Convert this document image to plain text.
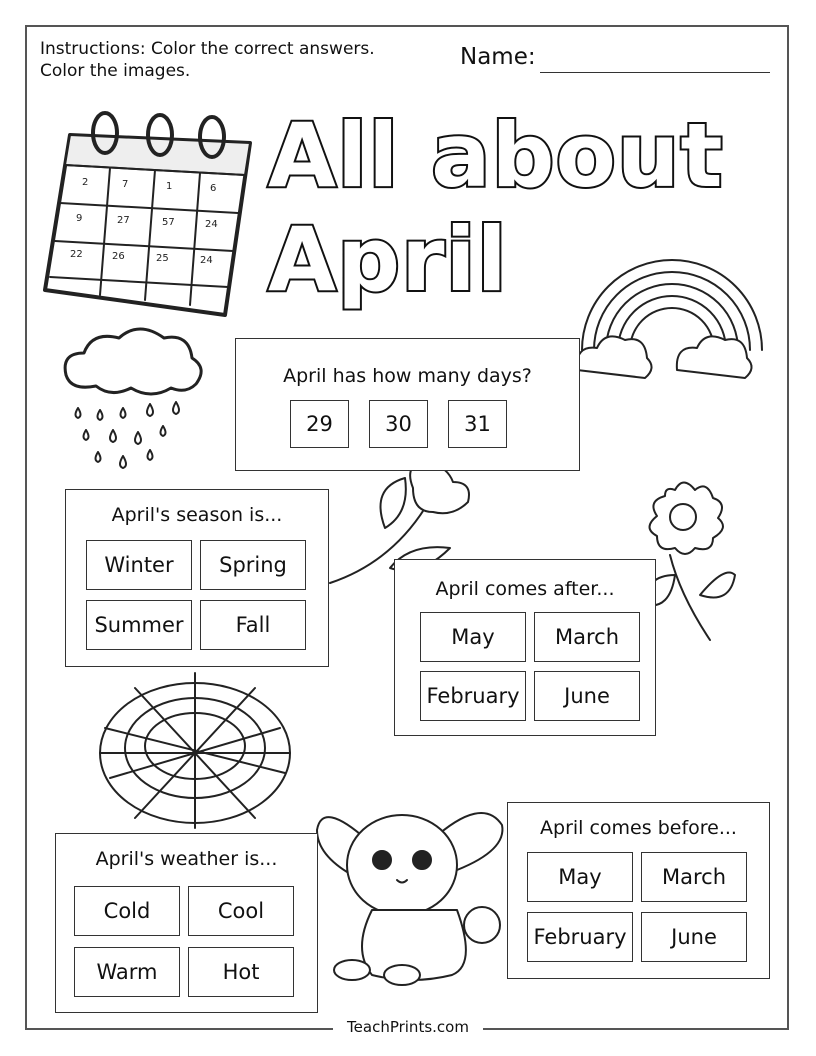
Instructions: Color the correct answers. Color the images.
Name:
All about
April
2	7	1	6
9	27	57	24
22	26	25	24
April has how many days?
29	30	31
April's season is...
Winter	Spring
Summer	Fall
April comes after...
May	March
February	June
April's weather is...
Cold	Cool
Warm	Hot
April comes before...
May	March
February	June
TeachPrints.com
